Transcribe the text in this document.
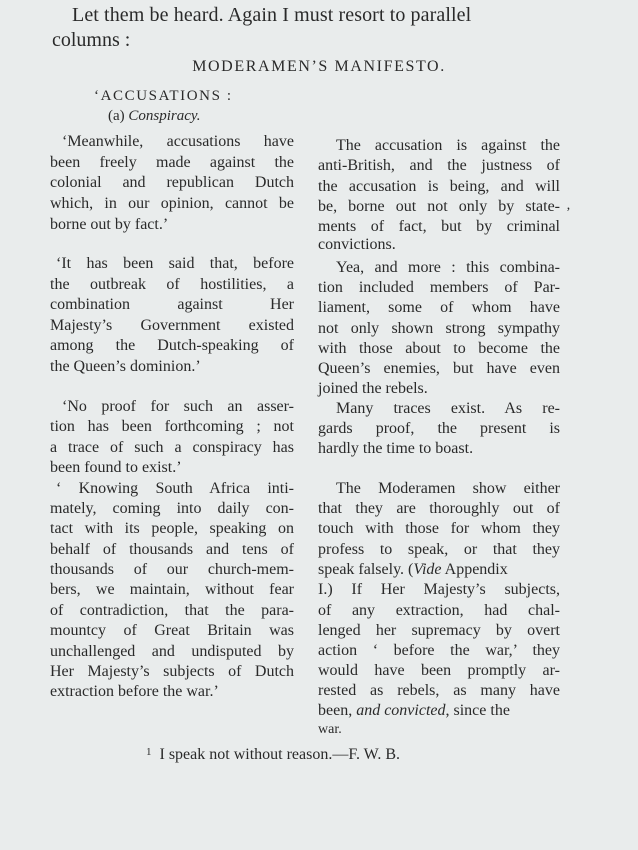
Let them be heard. Again I must resort to parallel
columns :
MODERAMEN’S MANIFESTO.
‘ACCUSATIONS :
(a) Conspiracy.
‘Meanwhile, accusations have
been freely made against the
colonial and republican Dutch
which, in our opinion, cannot be
borne out by fact.’
‘It has been said that, before
the outbreak of hostilities, a
combination against Her
Majesty’s Government existed
among the Dutch-speaking of
the Queen’s dominion.’
‘No proof for such an asser-
tion has been forthcoming ; not
a trace of such a conspiracy has
been found to exist.’
‘ Knowing South Africa inti-
mately, coming into daily con-
tact with its people, speaking on
behalf of thousands and tens of
thousands of our church-mem-
bers, we maintain, without fear
of contradiction, that the para-
mountcy of Great Britain was
unchallenged and undisputed by
Her Majesty’s subjects of Dutch
extraction before the war.’
The accusation is against the
anti-British, and the justness of
the accusation is being, and will
be, borne out not only by state-
ments of fact, but by criminal
convictions.
Yea, and more : this combina-
tion included members of Par-
liament, some of whom have
not only shown strong sympathy
with those about to become the
Queen’s enemies, but have even
joined the rebels.
Many traces exist. As re-
gards proof, the present is
hardly the time to boast.
The Moderamen show either
that they are thoroughly out of
touch with those for whom they
profess to speak, or that they
speak falsely. (Vide Appendix
I.) If Her Majesty’s subjects,
of any extraction, had chal-
lenged her supremacy by overt
action ‘ before the war,’ they
would have been promptly ar-
rested as rebels, as many have
been, and convicted, since the
war.
‚
$^1$ I speak not without reason.—F. W. B.
